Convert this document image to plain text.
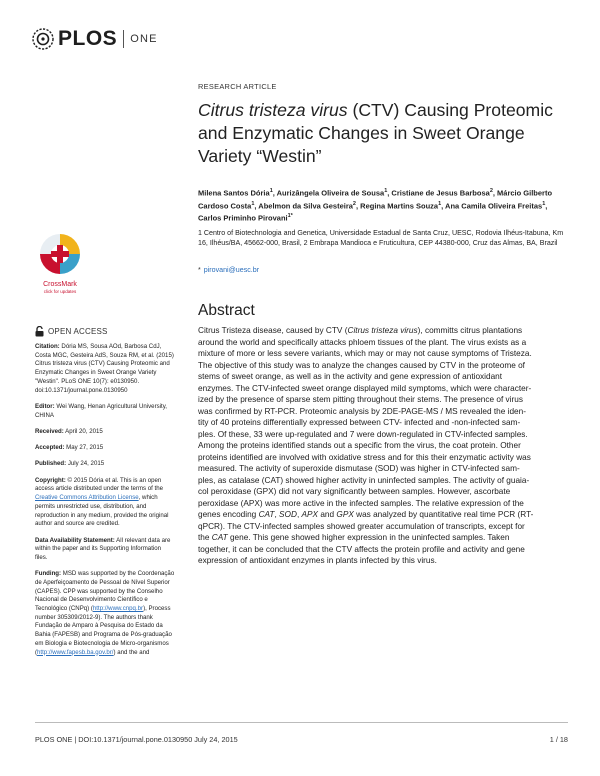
PLOS ONE
RESEARCH ARTICLE
Citrus tristeza virus (CTV) Causing Proteomic
and Enzymatic Changes in Sweet Orange
Variety “Westin”
Milena Santos Dória$^1$, Aurizângela Oliveira de Sousa$^1$, Cristiane de Jesus Barbosa$^2$, Márcio Gilberto Cardoso Costa$^1$, Abelmon da Silva Gesteira$^2$, Regina Martins Souza$^1$, Ana Camila Oliveira Freitas$^1$, Carlos Priminho Pirovani$^{1*}$
1 Centro of Biotechnologia and Genetica, Universidade Estadual de Santa Cruz, UESC, Rodovia Ilhéus-Itabuna, Km 16, Ilhéus/BA, 45662-000, Brasil, 2 Embrapa Mandioca e Fruticultura, CEP 44380-000, Cruz das Almas, BA, Brazil
* pirovani@uesc.br
CrossMark
click for updates
OPEN ACCESS

Citation: Dória MS, Sousa AOd, Barbosa CdJ, Costa MGC, Gesteira AdS, Souza RM, et al. (2015) Citrus tristeza virus (CTV) Causing Proteomic and Enzymatic Changes in Sweet Orange Variety "Westin". PLoS ONE 10(7): e0130950. doi:10.1371/journal.pone.0130950

Editor: Wei Wang, Henan Agricultural University, CHINA

Received: April 20, 2015

Accepted: May 27, 2015

Published: July 24, 2015

Copyright: © 2015 Dória et al. This is an open access article distributed under the terms of the Creative Commons Attribution License, which permits unrestricted use, distribution, and reproduction in any medium, provided the original author and source are credited.

Data Availability Statement: All relevant data are within the paper and its Supporting Information files.

Funding: MSD was supported by the Coordenação de Aperfeiçoamento de Pessoal de Nível Superior (CAPES). CPP was supported by the Conselho Nacional de Desenvolvimento Científico e Tecnológico (CNPq) (http://www.cnpq.br), Process number 305309/2012-9). The authors thank Fundação de Amparo à Pesquisa do Estado da Bahia (FAPESB) and Programa de Pós-graduação em Biologia e Biotecnologia de Micro-organismos (http://www.fapesb.ba.gov.br/) and the and

Abstract
Citrus Tristeza disease, caused by CTV (Citrus tristeza virus), committs citrus plantations
around the world and specifically attacks phloem tissues of the plant. The virus exists as a
mixture of more or less severe variants, which may or may not cause symptoms of Tristeza.
The objective of this study was to analyze the changes caused by CTV in the proteome of
stems of sweet orange, as well as in the activity and gene expression of antioxidant
enzymes. The CTV-infected sweet orange displayed mild symptoms, which were character-
ized by the presence of sparse stem pitting throughout their stems. The presence of virus
was confirmed by RT-PCR. Proteomic analysis by 2DE-PAGE-MS / MS revealed the iden-
tity of 40 proteins differentially expressed between CTV- infected and -non-infected sam-
ples. Of these, 33 were up-regulated and 7 were down-regulated in CTV-infected samples.
Among the proteins identified stands out a specific from the virus, the coat protein. Other
proteins identified are involved with oxidative stress and for this their enzymatic activity was
measured. The activity of superoxide dismutase (SOD) was higher in CTV-infected sam-
ples, as catalase (CAT) showed higher activity in uninfected samples. The activity of guaia-
col peroxidase (GPX) did not vary significantly between samples. However, ascorbate
peroxidase (APX) was more active in the infected samples. The relative expression of the
genes encoding CAT, SOD, APX and GPX was analyzed by quantitative real time PCR (RT-
qPCR). The CTV-infected samples showed greater accumulation of transcripts, except for
the CAT gene. This gene showed higher expression in the uninfected samples. Taken
together, it can be concluded that the CTV affects the protein profile and activity and gene
expression of antioxidant enzymes in plants infected by this virus.
PLOS ONE | DOI:10.1371/journal.pone.0130950 July 24, 2015	1 / 18
